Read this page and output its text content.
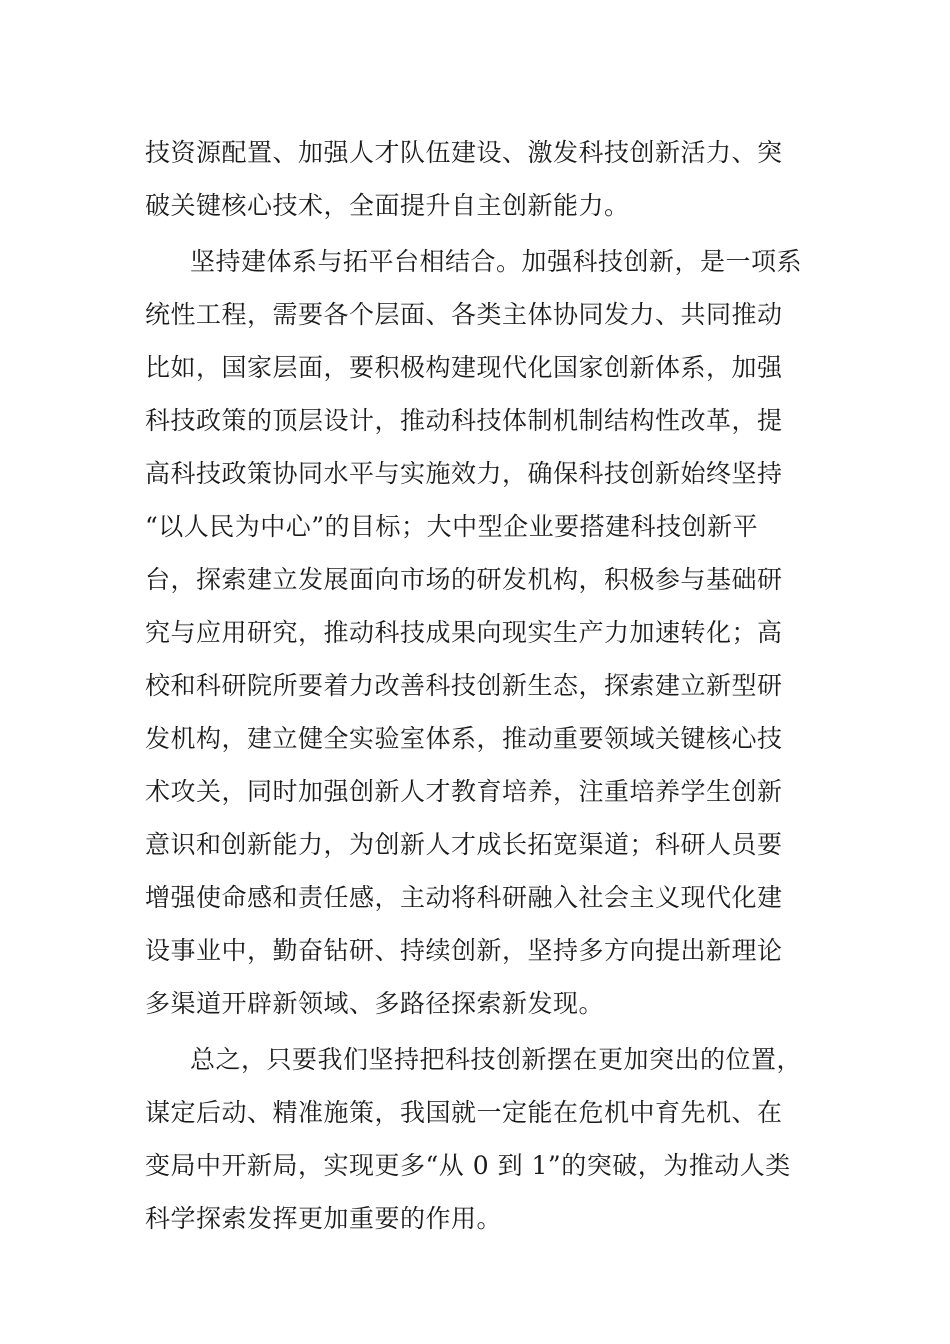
技资源配置、加强人才队伍建设、激发科技创新活力、突
破关键核心技术，全面提升自主创新能力。
坚持建体系与拓平台相结合。加强科技创新，是一项系
统性工程，需要各个层面、各类主体协同发力、共同推动
比如，国家层面，要积极构建现代化国家创新体系，加强
科技政策的顶层设计，推动科技体制机制结构性改革，提
高科技政策协同水平与实施效力，确保科技创新始终坚持
“以人民为中心”的目标；大中型企业要搭建科技创新平
台，探索建立发展面向市场的研发机构，积极参与基础研
究与应用研究，推动科技成果向现实生产力加速转化；高
校和科研院所要着力改善科技创新生态，探索建立新型研
发机构，建立健全实验室体系，推动重要领域关键核心技
术攻关，同时加强创新人才教育培养，注重培养学生创新
意识和创新能力，为创新人才成长拓宽渠道；科研人员要
增强使命感和责任感，主动将科研融入社会主义现代化建
设事业中，勤奋钻研、持续创新，坚持多方向提出新理论
多渠道开辟新领域、多路径探索新发现。
总之，只要我们坚持把科技创新摆在更加突出的位置，
谋定后动、精准施策，我国就一定能在危机中育先机、在
变局中开新局，实现更多“从 0 到 1”的突破，为推动人类
科学探索发挥更加重要的作用。
